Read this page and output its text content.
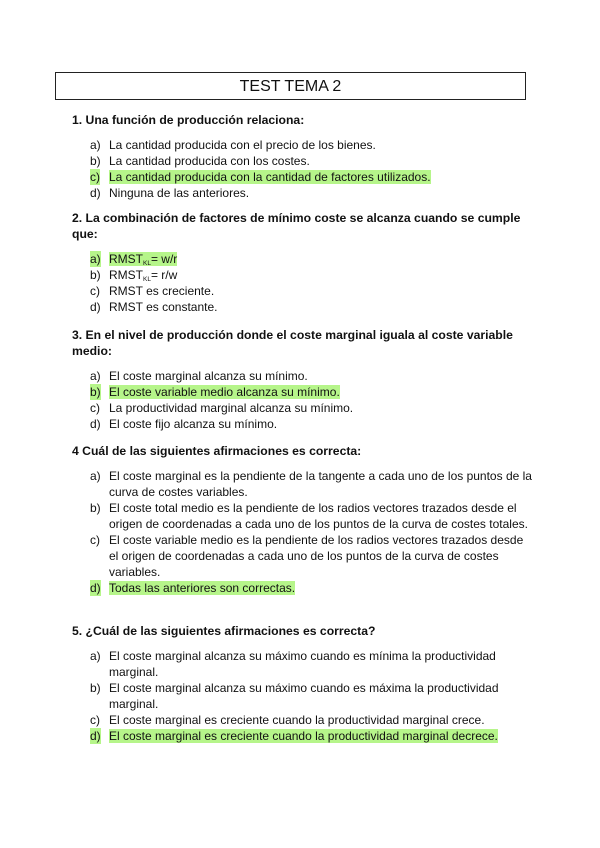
TEST TEMA 2
1. Una función de producción relaciona:
a) La cantidad producida con el precio de los bienes.
b) La cantidad producida con los costes.
c) La cantidad producida con la cantidad de factores utilizados.
d) Ninguna de las anteriores.
2. La combinación de factores de mínimo coste se alcanza cuando se cumple que:
a) $RMST_{KL}= w/r$
b) $RMST_{KL}= r/w$
c) RMST es creciente.
d) RMST es constante.
3. En el nivel de producción donde el coste marginal iguala al coste variable medio:
a) El coste marginal alcanza su mínimo.
b) El coste variable medio alcanza su mínimo.
c) La productividad marginal alcanza su mínimo.
d) El coste fijo alcanza su mínimo.
4 Cuál de las siguientes afirmaciones es correcta:
a) El coste marginal es la pendiente de la tangente a cada uno de los puntos de la curva de costes variables.
b) El coste total medio es la pendiente de los radios vectores trazados desde el origen de coordenadas a cada uno de los puntos de la curva de costes totales.
c) El coste variable medio es la pendiente de los radios vectores trazados desde el origen de coordenadas a cada uno de los puntos de la curva de costes variables.
d) Todas las anteriores son correctas.
5. ¿Cuál de las siguientes afirmaciones es correcta?
a) El coste marginal alcanza su máximo cuando es mínima la productividad marginal.
b) El coste marginal alcanza su máximo cuando es máxima la productividad marginal.
c) El coste marginal es creciente cuando la productividad marginal crece.
d) El coste marginal es creciente cuando la productividad marginal decrece.
